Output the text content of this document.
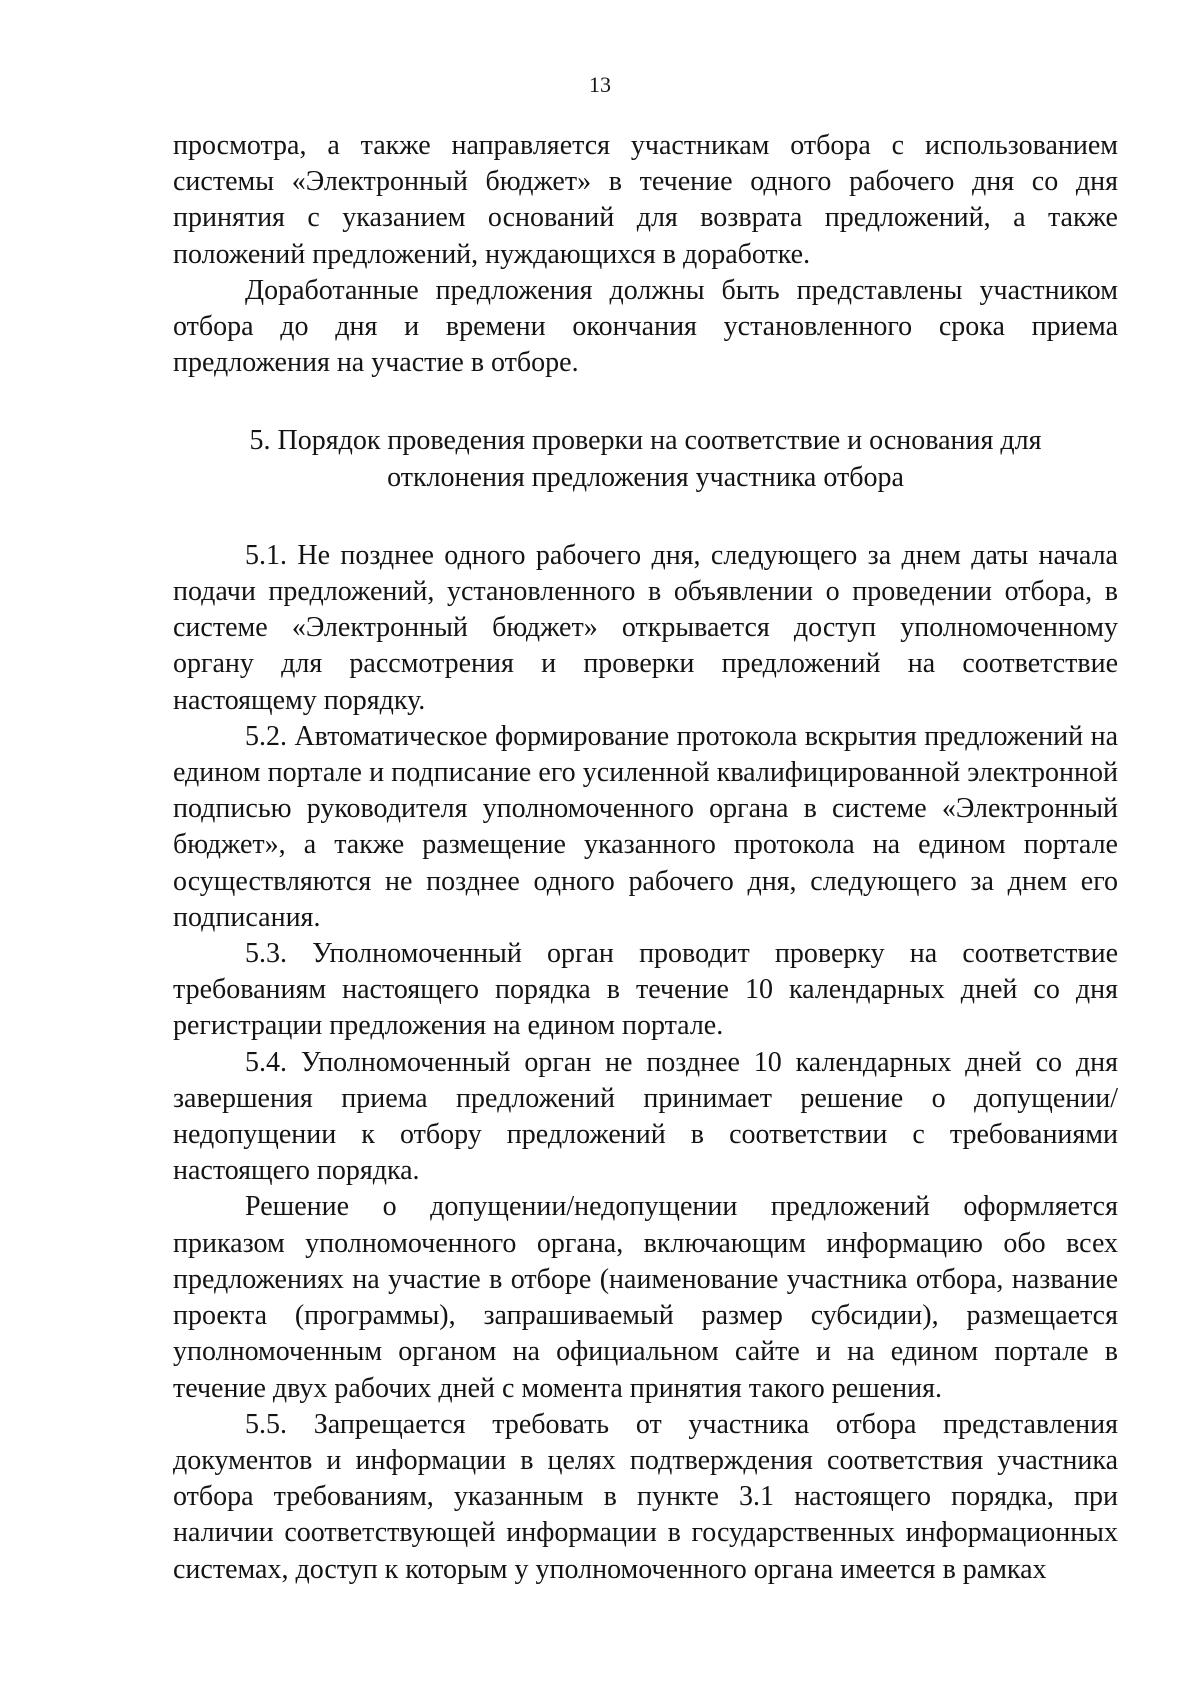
13

просмотра, а также направляется участникам отбора с использованием системы «Электронный бюджет» в течение одного рабочего дня со дня принятия с указанием оснований для возврата предложений, а также положений предложений, нуждающихся в доработке.

Доработанные предложения должны быть представлены участником отбора до дня и времени окончания установленного срока приема предложения на участие в отборе.

5. Порядок проведения проверки на соответствие и основания для
отклонения предложения участника отбора

5.1. Не позднее одного рабочего дня, следующего за днем даты начала подачи предложений, установленного в объявлении о проведении отбора, в системе «Электронный бюджет» открывается доступ уполномоченному органу для рассмотрения и проверки предложений на соответствие настоящему порядку.

5.2. Автоматическое формирование протокола вскрытия предложений на едином портале и подписание его усиленной квалифицированной электронной подписью руководителя уполномоченного органа в системе «Электронный бюджет», а также размещение указанного протокола на едином портале осуществляются не позднее одного рабочего дня, следующего за днем его подписания.

5.3. Уполномоченный орган проводит проверку на соответствие требованиям настоящего порядка в течение 10 календарных дней со дня регистрации предложения на едином портале.

5.4. Уполномоченный орган не позднее 10 календарных дней со дня завершения приема предложений принимает решение о допущении/недопущении к отбору предложений в соответствии с требованиями настоящего порядка.

Решение о допущении/недопущении предложений оформляется приказом уполномоченного органа, включающим информацию обо всех предложениях на участие в отборе (наименование участника отбора, название проекта (программы), запрашиваемый размер субсидии), размещается уполномоченным органом на официальном сайте и на едином портале в течение двух рабочих дней с момента принятия такого решения.

5.5. Запрещается требовать от участника отбора представления документов и информации в целях подтверждения соответствия участника отбора требованиям, указанным в пункте 3.1 настоящего порядка, при наличии соответствующей информации в государственных информационных системах, доступ к которым у уполномоченного органа имеется в рамках
